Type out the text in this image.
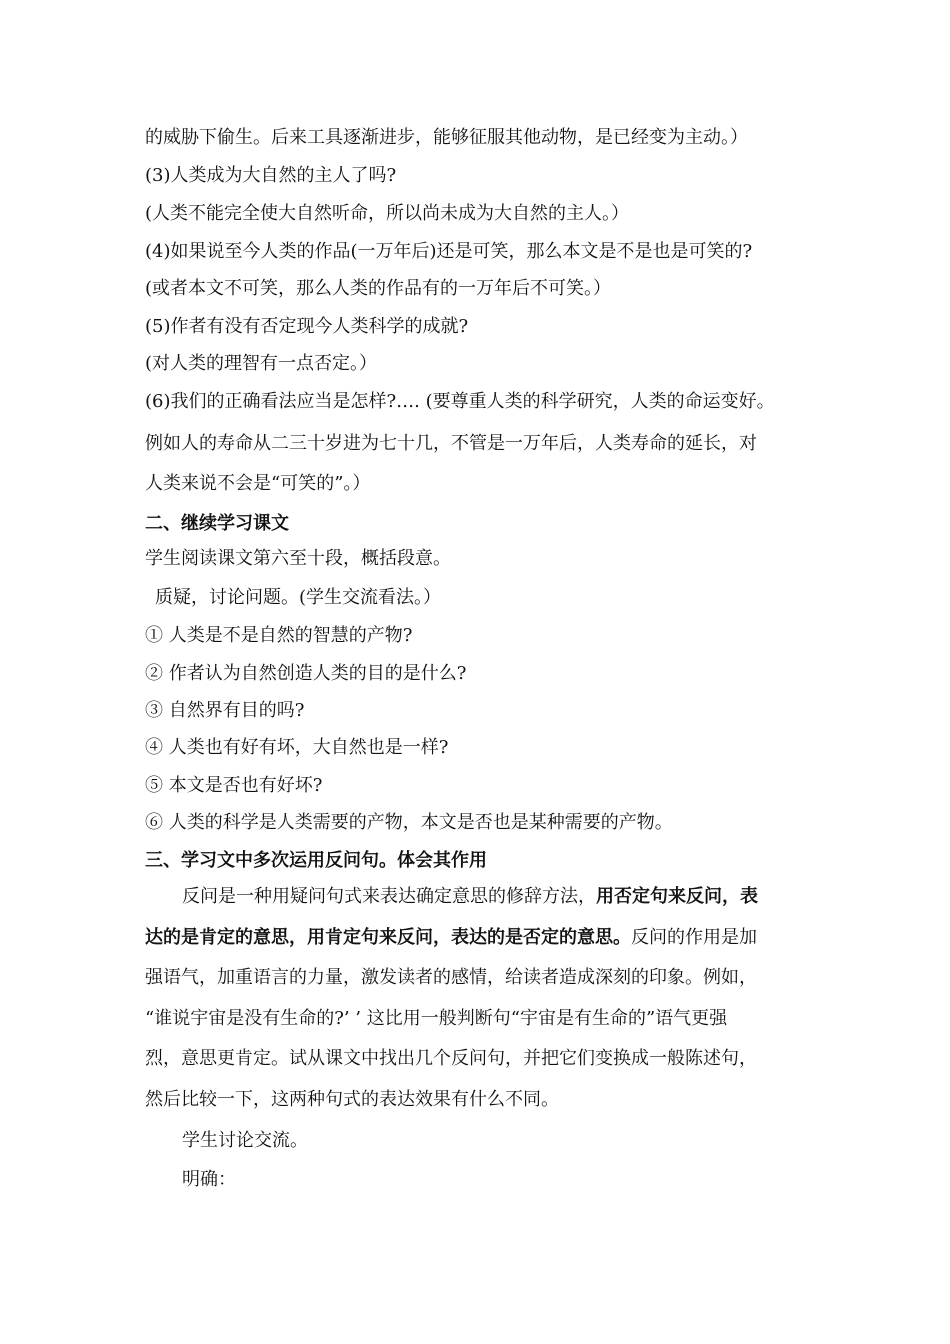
的威胁下偷生。后来工具逐渐进步，能够征服其他动物，是已经变为主动。）
(3)人类成为大自然的主人了吗?
(人类不能完全使大自然听命，所以尚未成为大自然的主人。）
(4)如果说至今人类的作品(一万年后)还是可笑，那么本文是不是也是可笑的?
(或者本文不可笑，那么人类的作品有的一万年后不可笑。）
(5)作者有没有否定现今人类科学的成就?
(对人类的理智有一点否定。）
(6)我们的正确看法应当是怎样?…. (要尊重人类的科学研究，人类的命运变好。
例如人的寿命从二三十岁进为七十几，不管是一万年后，人类寿命的延长，对
人类来说不会是“可笑的”。）
二、继续学习课文
学生阅读课文第六至十段，概括段意。
质疑，讨论问题。(学生交流看法。）
① 人类是不是自然的智慧的产物?
② 作者认为自然创造人类的目的是什么?
③ 自然界有目的吗?
④ 人类也有好有坏，大自然也是一样?
⑤ 本文是否也有好坏?
⑥ 人类的科学是人类需要的产物，本文是否也是某种需要的产物。
三、学习文中多次运用反问句。体会其作用
反问是一种用疑问句式来表达确定意思的修辞方法，用否定句来反问，表
达的是肯定的意思，用肯定句来反问，表达的是否定的意思。反问的作用是加
强语气，加重语言的力量，激发读者的感情，给读者造成深刻的印象。例如，
“谁说宇宙是没有生命的?’ ’ 这比用一般判断句“宇宙是有生命的”语气更强
烈，意思更肯定。试从课文中找出几个反问句，并把它们变换成一般陈述句，
然后比较一下，这两种句式的表达效果有什么不同。
学生讨论交流。
明确：
